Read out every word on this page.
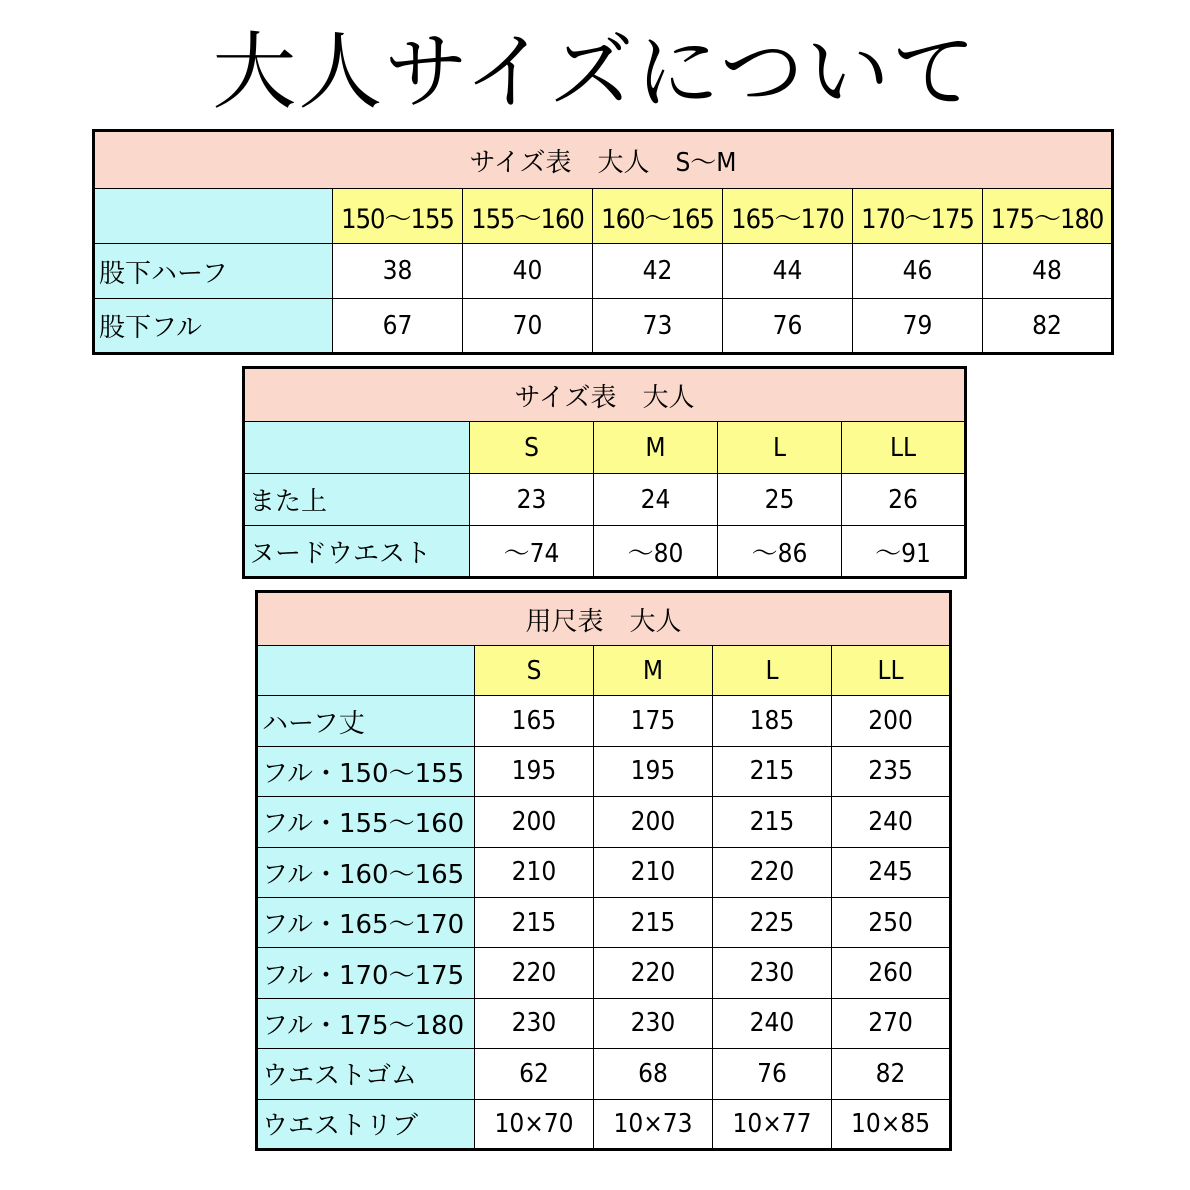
大人サイズについて
サイズ表　大人　S～M						
	150～155	155～160	160～165	165～170	170～175	175～180
股下ハーフ	38	40	42	44	46	48
股下フル	67	70	73	76	79	82
サイズ表　大人				
	S	M	L	LL
また上	23	24	25	26
ヌードウエスト	～74	～80	～86	～91
用尺表　大人				
	S	M	L	LL
ハーフ丈	165	175	185	200
フル・150～155	195	195	215	235
フル・155～160	200	200	215	240
フル・160～165	210	210	220	245
フル・165～170	215	215	225	250
フル・170～175	220	220	230	260
フル・175～180	230	230	240	270
ウエストゴム	62	68	76	82
ウエストリブ	10×70	10×73	10×77	10×85
